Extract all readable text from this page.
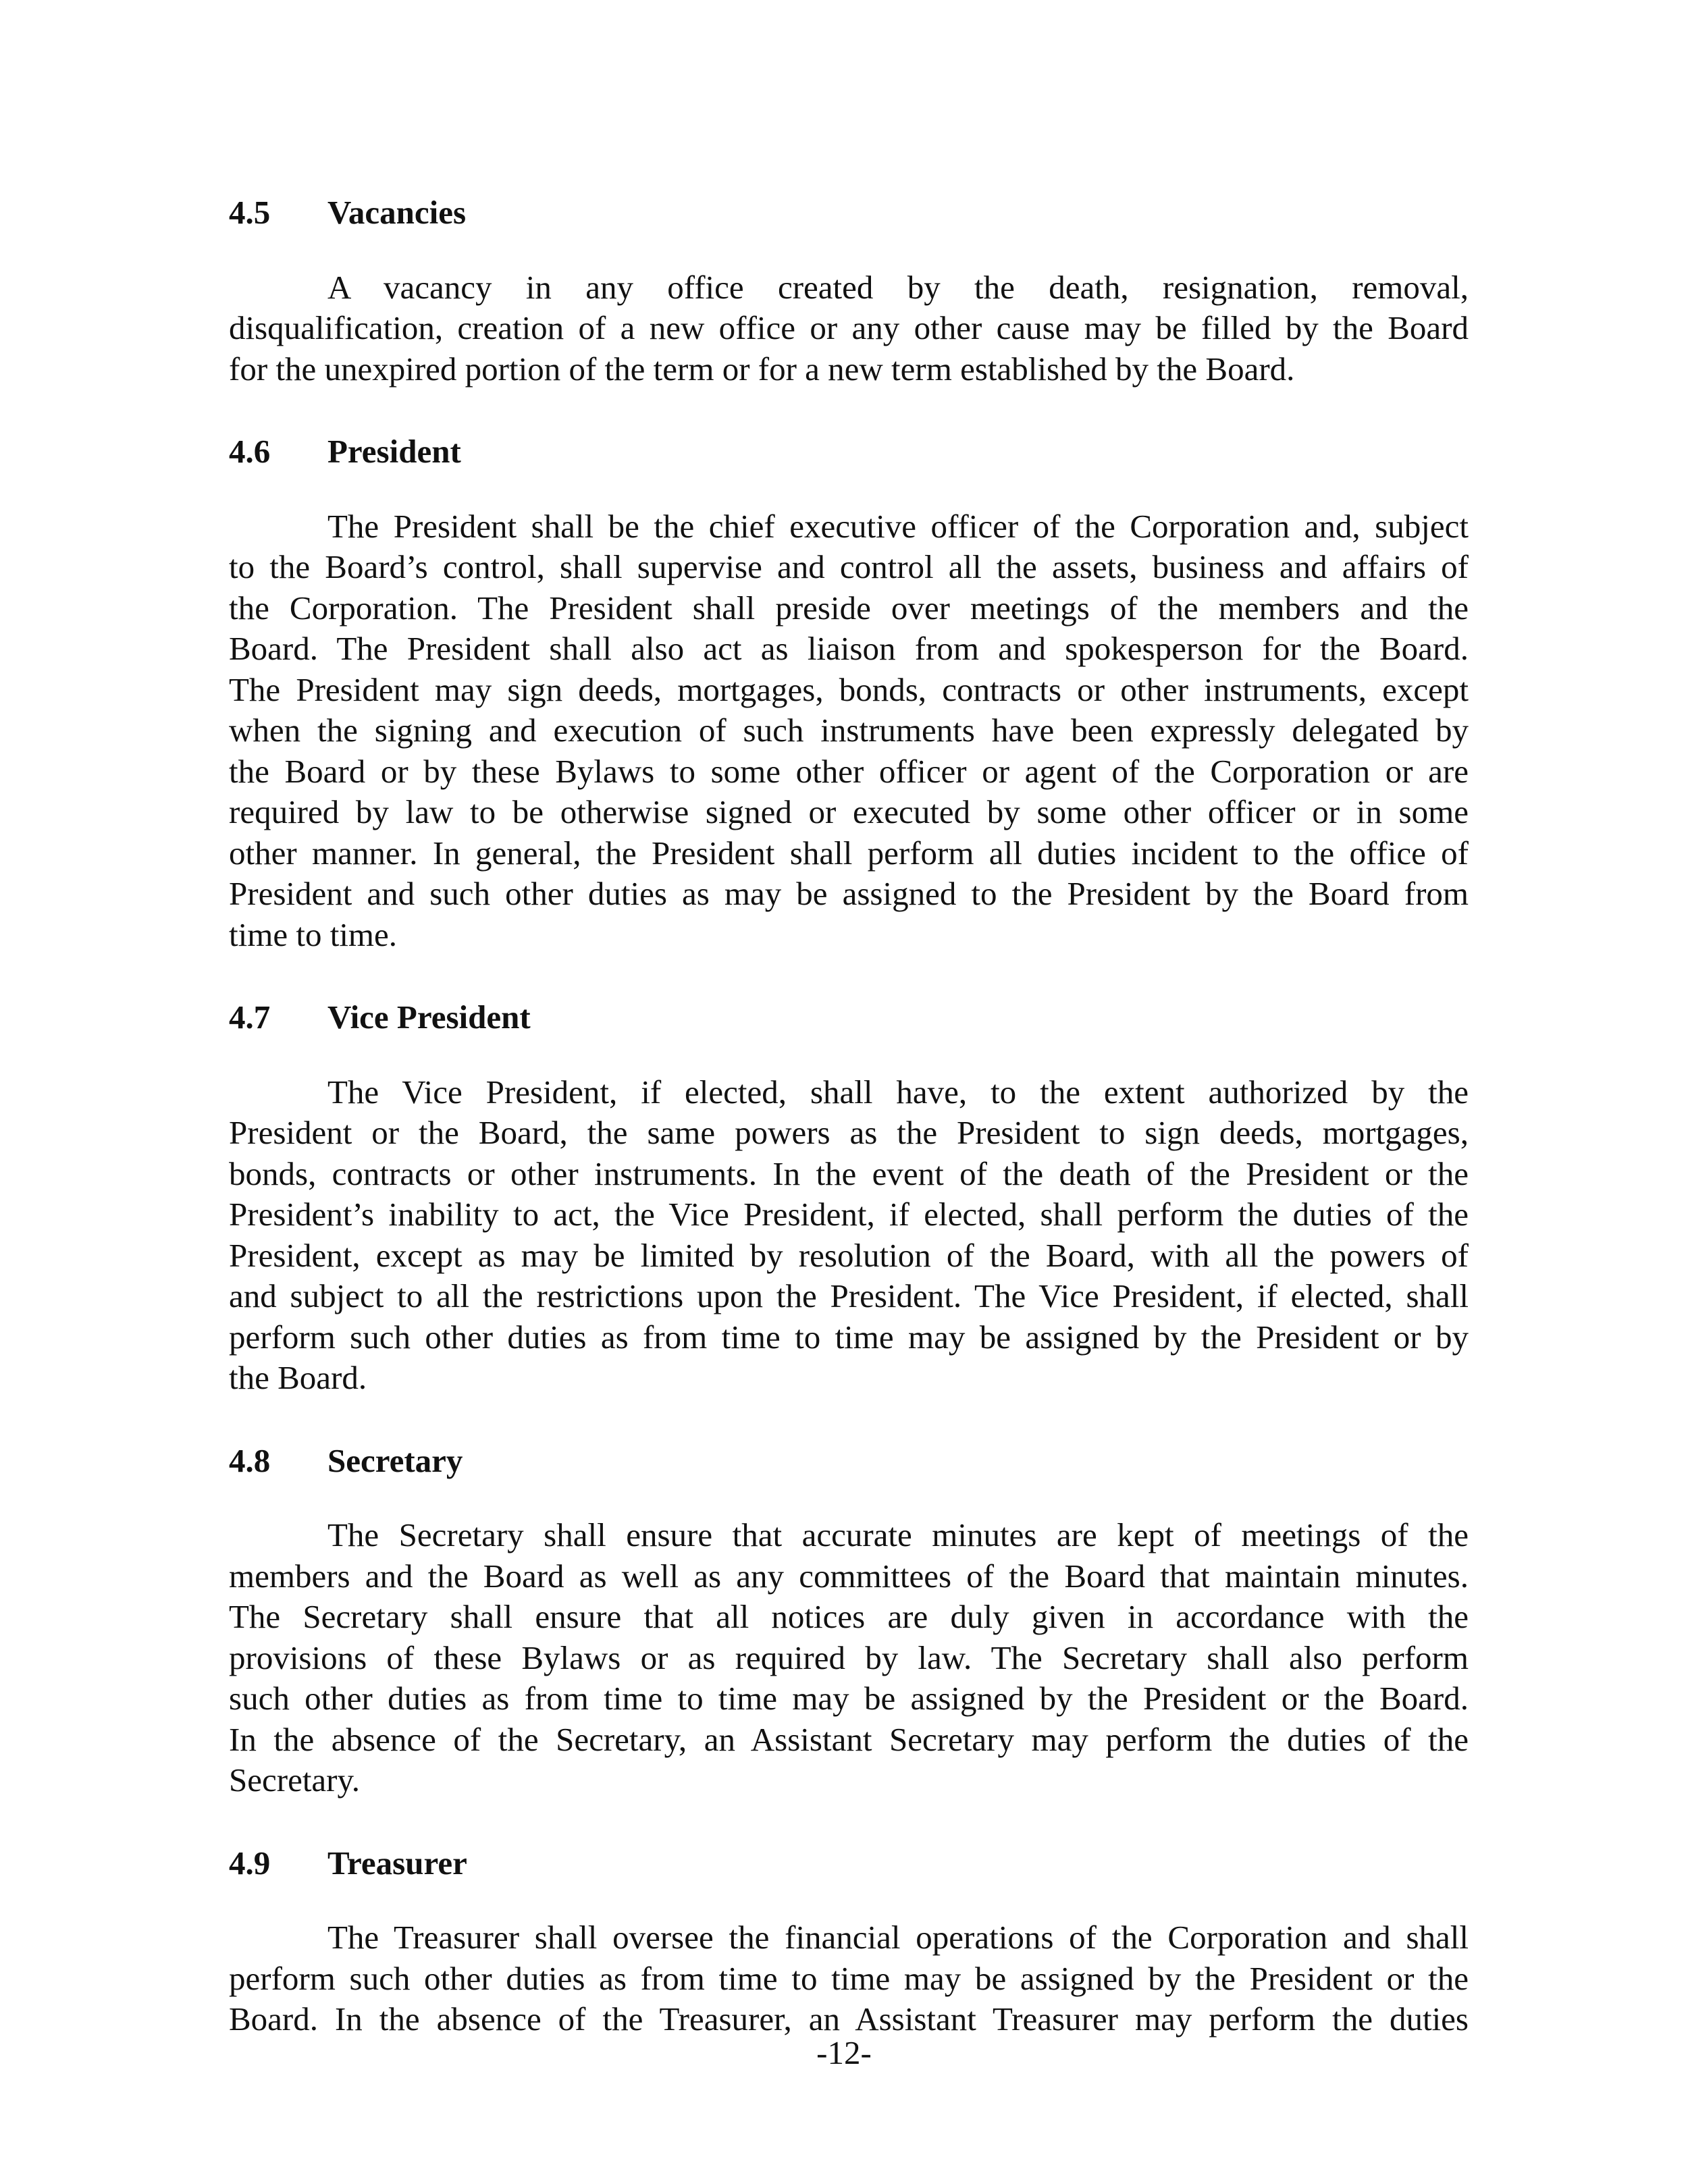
4.5	Vacancies
A vacancy in any office created by the death, resignation, removal,
disqualification, creation of a new office or any other cause may be filled by the Board
for the unexpired portion of the term or for a new term established by the Board.
4.6	President
The President shall be the chief executive officer of the Corporation and, subject
to the Board’s control, shall supervise and control all the assets, business and affairs of
the Corporation. The President shall preside over meetings of the members and the
Board. The President shall also act as liaison from and spokesperson for the Board.
The President may sign deeds, mortgages, bonds, contracts or other instruments, except
when the signing and execution of such instruments have been expressly delegated by
the Board or by these Bylaws to some other officer or agent of the Corporation or are
required by law to be otherwise signed or executed by some other officer or in some
other manner. In general, the President shall perform all duties incident to the office of
President and such other duties as may be assigned to the President by the Board from
time to time.
4.7	Vice President
The Vice President, if elected, shall have, to the extent authorized by the
President or the Board, the same powers as the President to sign deeds, mortgages,
bonds, contracts or other instruments. In the event of the death of the President or the
President’s inability to act, the Vice President, if elected, shall perform the duties of the
President, except as may be limited by resolution of the Board, with all the powers of
and subject to all the restrictions upon the President. The Vice President, if elected, shall
perform such other duties as from time to time may be assigned by the President or by
the Board.
4.8	Secretary
The Secretary shall ensure that accurate minutes are kept of meetings of the
members and the Board as well as any committees of the Board that maintain minutes.
The Secretary shall ensure that all notices are duly given in accordance with the
provisions of these Bylaws or as required by law. The Secretary shall also perform
such other duties as from time to time may be assigned by the President or the Board.
In the absence of the Secretary, an Assistant Secretary may perform the duties of the
Secretary.
4.9	Treasurer
The Treasurer shall oversee the financial operations of the Corporation and shall
perform such other duties as from time to time may be assigned by the President or the
Board. In the absence of the Treasurer, an Assistant Treasurer may perform the duties
-12-
